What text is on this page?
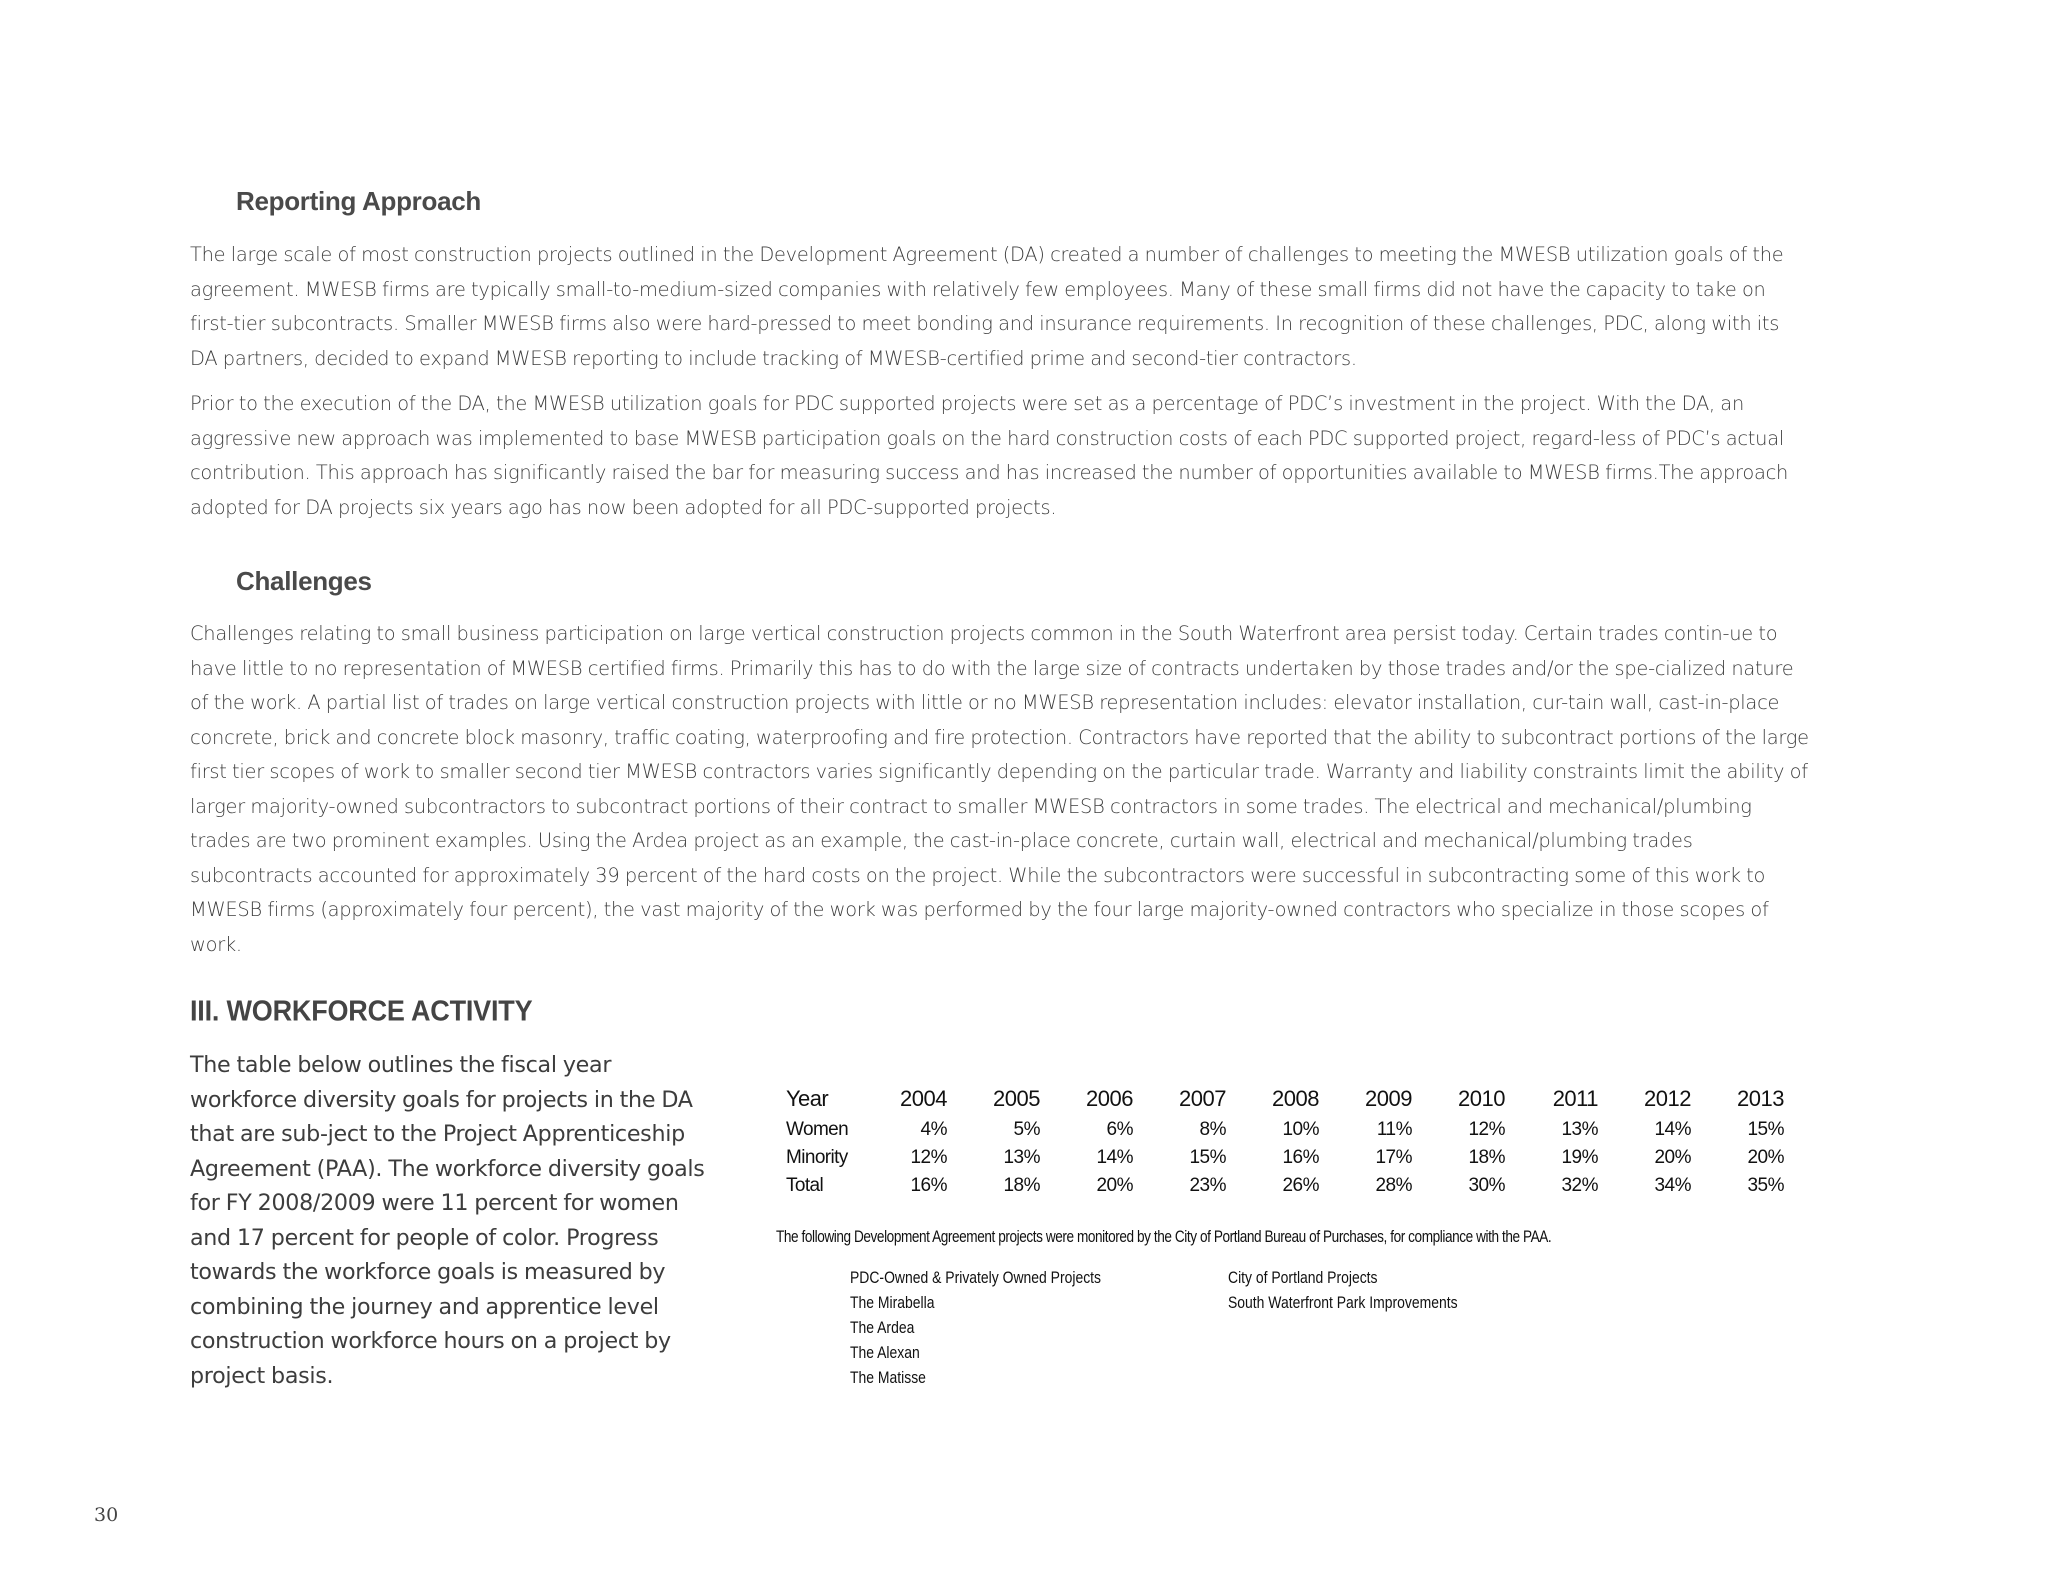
Reporting Approach

The large scale of most construction projects outlined in the Development Agreement (DA) created a number of challenges to meeting the MWESB utilization goals of the agreement. MWESB firms are typically small-to-medium-sized companies with relatively few employees. Many of these small firms did not have the capacity to take on first-tier subcontracts. Smaller MWESB firms also were hard-pressed to meet bonding and insurance requirements. In recognition of these challenges, PDC, along with its DA partners, decided to expand MWESB reporting to include tracking of MWESB-certified prime and second-tier contractors.

Prior to the execution of the DA, the MWESB utilization goals for PDC supported projects were set as a percentage of PDC’s investment in the project. With the DA, an aggressive new approach was implemented to base MWESB participation goals on the hard construction costs of each PDC supported project, regard-less of PDC’s actual contribution. This approach has significantly raised the bar for measuring success and has increased the number of opportunities available to MWESB firms.The approach adopted for DA projects six years ago has now been adopted for all PDC-supported projects.

Challenges

Challenges relating to small business participation on large vertical construction projects common in the South Waterfront area persist today. Certain trades contin-ue to have little to no representation of MWESB certified firms. Primarily this has to do with the large size of contracts undertaken by those trades and/or the spe-cialized nature of the work. A partial list of trades on large vertical construction projects with little or no MWESB representation includes: elevator installation, cur-tain wall, cast-in-place concrete, brick and concrete block masonry, traffic coating, waterproofing and fire protection. Contractors have reported that the ability to subcontract portions of the large first tier scopes of work to smaller second tier MWESB contractors varies significantly depending on the particular trade. Warranty and liability constraints limit the ability of larger majority-owned subcontractors to subcontract portions of their contract to smaller MWESB contractors in some trades. The electrical and mechanical/plumbing trades are two prominent examples. Using the Ardea project as an example, the cast-in-place concrete, curtain wall, electrical and mechanical/plumbing trades subcontracts accounted for approximately 39 percent of the hard costs on the project. While the subcontractors were successful in subcontracting some of this work to MWESB firms (approximately four percent), the vast majority of the work was performed by the four large majority-owned contractors who specialize in those scopes of work.

III. WORKFORCE ACTIVITY

The table below outlines the fiscal year workforce diversity goals for projects in the DA that are sub-ject to the Project Apprenticeship Agreement (PAA). The workforce diversity goals for FY 2008/2009 were 11 percent for women and 17 percent for people of color. Progress towards the workforce goals is measured by combining the journey and apprentice level construction workforce hours on a project by project basis.

Year	2004	2005	2006	2007	2008	2009	2010	2011	2012	2013
Women	4%	5%	6%	8%	10%	11%	12%	13%	14%	15%
Minority	12%	13%	14%	15%	16%	17%	18%	19%	20%	20%
Total	16%	18%	20%	23%	26%	28%	30%	32%	34%	35%
The following Development Agreement projects were monitored by the City of Portland Bureau of Purchases, for compliance with the PAA.
PDC-Owned & Privately Owned Projects
The Mirabella
The Ardea
The Alexan
The Matisse
City of Portland Projects
South Waterfront Park Improvements
30
